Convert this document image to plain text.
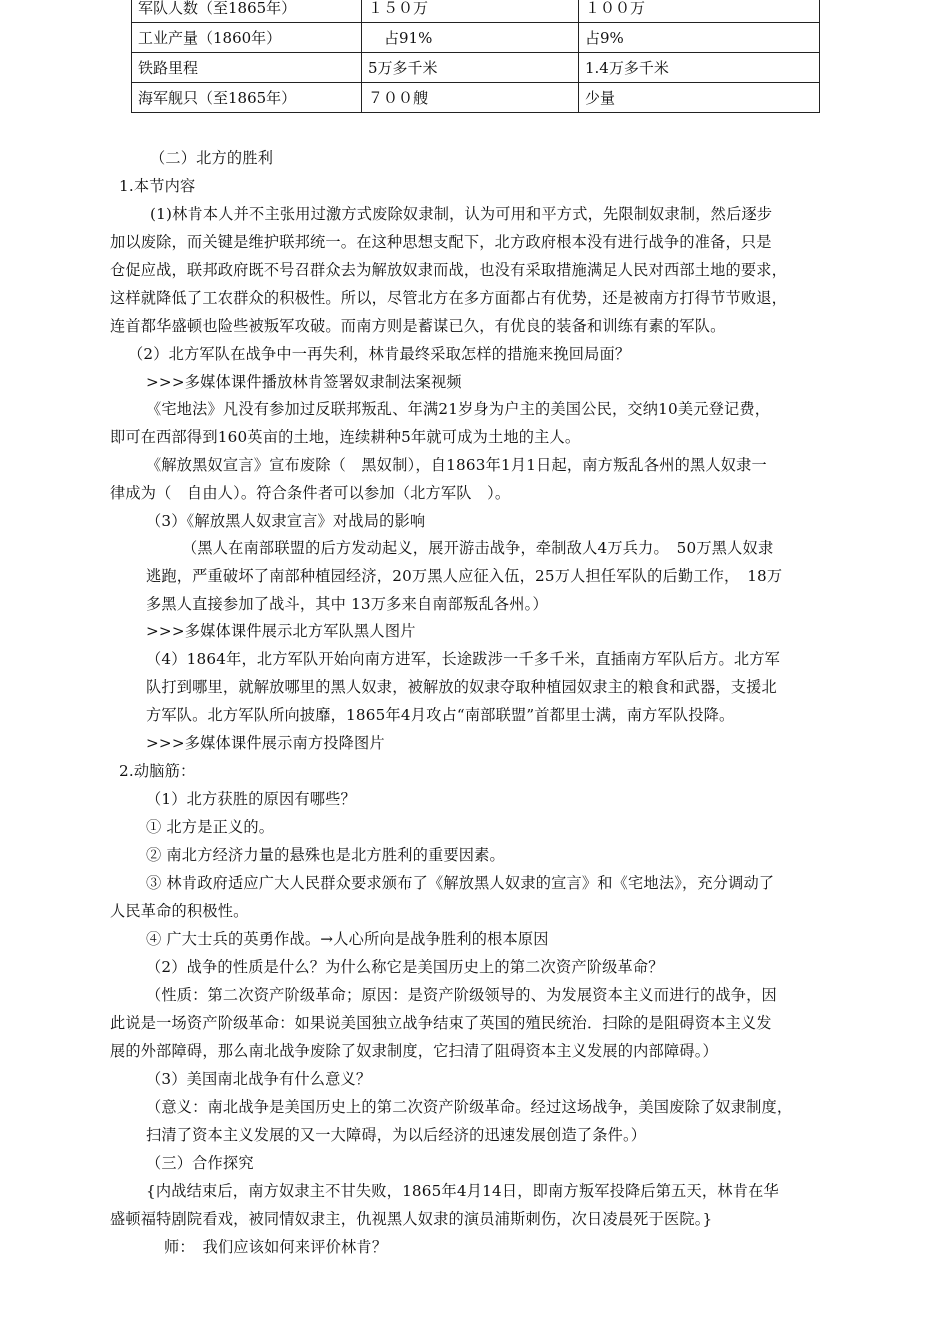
军队人数（至1865年）	１５０万	１００万
工业产量（1860年）	占91%	占9%
铁路里程	5万多千米	1.4万多千米
海军舰只（至1865年）	７００艘	少量
（二）北方的胜利
1.本节内容
(1)林肯本人并不主张用过激方式废除奴隶制，认为可用和平方式，先限制奴隶制，然后逐步
加以废除，而关键是维护联邦统一。在这种思想支配下，北方政府根本没有进行战争的准备，只是
仓促应战，联邦政府既不号召群众去为解放奴隶而战，也没有采取措施满足人民对西部土地的要求，
这样就降低了工农群众的积极性。所以，尽管北方在多方面都占有优势，还是被南方打得节节败退，
连首都华盛顿也险些被叛军攻破。而南方则是蓄谋已久，有优良的装备和训练有素的军队。
（2）北方军队在战争中一再失利，林肯最终采取怎样的措施来挽回局面？
>>>多媒体课件播放林肯签署奴隶制法案视频
《宅地法》凡没有参加过反联邦叛乱、年满21岁身为户主的美国公民，交纳10美元登记费，
即可在西部得到160英亩的土地，连续耕种5年就可成为土地的主人。
《解放黑奴宣言》宣布废除（　黑奴制），自1863年1月1日起，南方叛乱各州的黑人奴隶一
律成为（　自由人）。符合条件者可以参加（北方军队　）。
（3）《解放黑人奴隶宣言》对战局的影响
（黑人在南部联盟的后方发动起义，展开游击战争，牵制敌人4万兵力。　50万黑人奴隶
逃跑，严重破坏了南部种植园经济，20万黑人应征入伍，25万人担任军队的后勤工作，　18万
多黑人直接参加了战斗，其中 13万多来自南部叛乱各州。）
>>>多媒体课件展示北方军队黑人图片
（4）1864年，北方军队开始向南方进军，长途跋涉一千多千米，直插南方军队后方。北方军
队打到哪里，就解放哪里的黑人奴隶，被解放的奴隶夺取种植园奴隶主的粮食和武器，支援北
方军队。北方军队所向披靡，1865年4月攻占“南部联盟”首都里士满，南方军队投降。
>>>多媒体课件展示南方投降图片
2.动脑筋：
（1）北方获胜的原因有哪些？
① 北方是正义的。
② 南北方经济力量的悬殊也是北方胜利的重要因素。
③ 林肯政府适应广大人民群众要求颁布了《解放黑人奴隶的宣言》和《宅地法》，充分调动了
人民革命的积极性。
④ 广大士兵的英勇作战。→人心所向是战争胜利的根本原因
（2）战争的性质是什么？为什么称它是美国历史上的第二次资产阶级革命？
（性质：第二次资产阶级革命；原因：是资产阶级领导的、为发展资本主义而进行的战争，因
此说是一场资产阶级革命：如果说美国独立战争结束了英国的殖民统治．扫除的是阻碍资本主义发
展的外部障碍，那么南北战争废除了奴隶制度，它扫清了阻碍资本主义发展的内部障碍。）
（3）美国南北战争有什么意义？
（意义：南北战争是美国历史上的第二次资产阶级革命。经过这场战争，美国废除了奴隶制度，
扫清了资本主义发展的又一大障碍，为以后经济的迅速发展创造了条件。）
（三）合作探究
{内战结束后，南方奴隶主不甘失败，1865年4月14日，即南方叛军投降后第五天，林肯在华
盛顿福特剧院看戏，被同情奴隶主，仇视黑人奴隶的演员浦斯刺伤，次日凌晨死于医院。}
师：　我们应该如何来评价林肯？
